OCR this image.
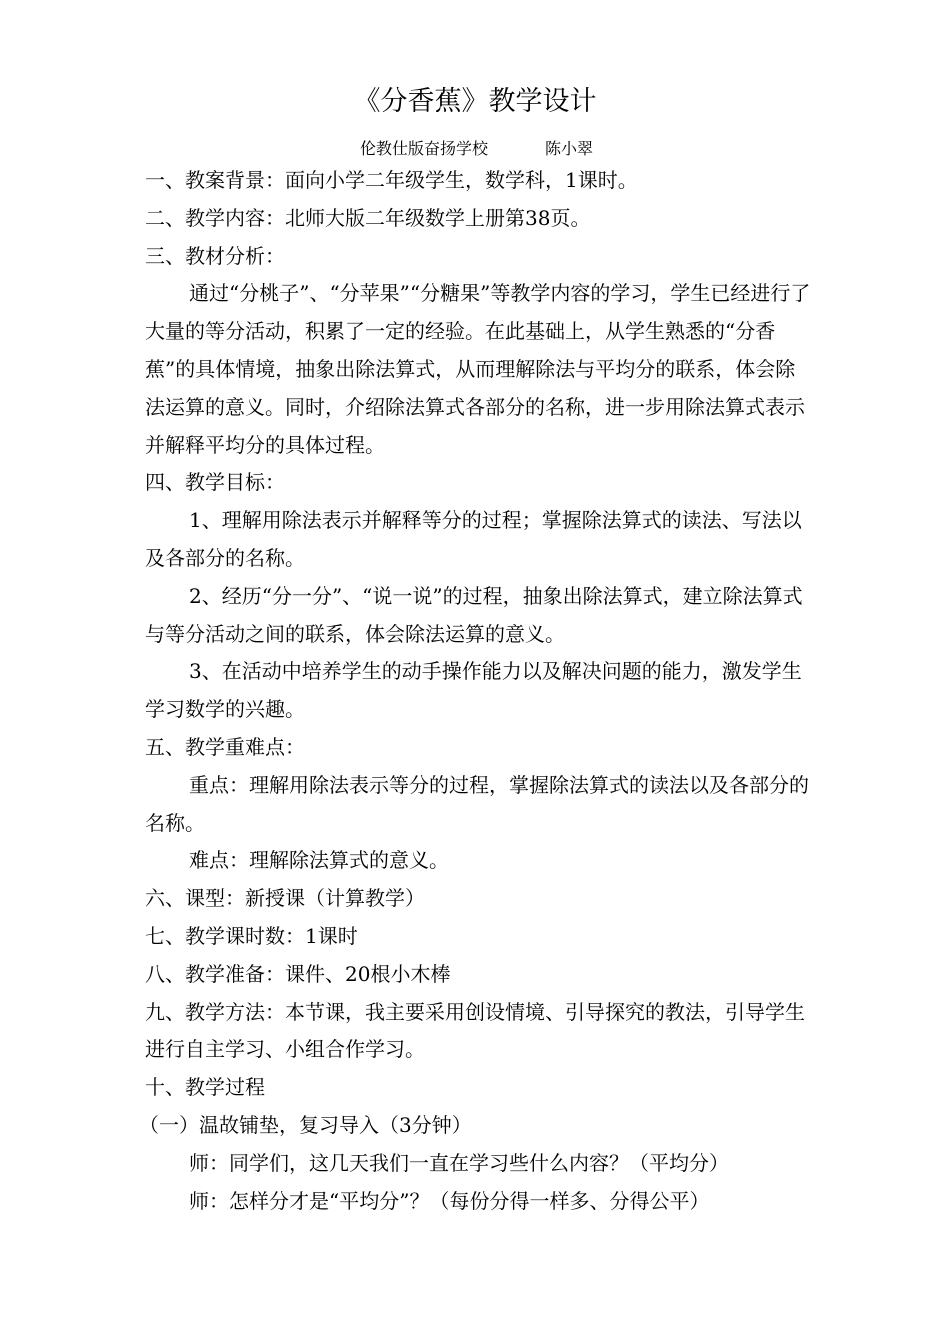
《分香蕉》教学设计
伦教仕版奋扬学校	陈小翠

一、教案背景：面向小学二年级学生，数学科，1课时。

二、教学内容：北师大版二年级数学上册第38页。

三、教材分析：

通过“分桃子”、“分苹果”“分糖果”等教学内容的学习，学生已经进行了大量的等分活动，积累了一定的经验。在此基础上，从学生熟悉的“分香蕉”的具体情境，抽象出除法算式，从而理解除法与平均分的联系，体会除法运算的意义。同时，介绍除法算式各部分的名称，进一步用除法算式表示并解释平均分的具体过程。

四、教学目标：

1、理解用除法表示并解释等分的过程；掌握除法算式的读法、写法以及各部分的名称。

2、经历“分一分”、“说一说”的过程，抽象出除法算式，建立除法算式与等分活动之间的联系，体会除法运算的意义。

3、在活动中培养学生的动手操作能力以及解决问题的能力，激发学生学习数学的兴趣。

五、教学重难点：

重点：理解用除法表示等分的过程，掌握除法算式的读法以及各部分的名称。

难点：理解除法算式的意义。

六、课型：新授课（计算教学）

七、教学课时数：1课时

八、教学准备：课件、20根小木棒

九、教学方法：本节课，我主要采用创设情境、引导探究的教法，引导学生进行自主学习、小组合作学习。

十、教学过程

（一）温故铺垫，复习导入（3分钟）

师：同学们，这几天我们一直在学习些什么内容？（平均分）

师：怎样分才是“平均分”？（每份分得一样多、分得公平）
